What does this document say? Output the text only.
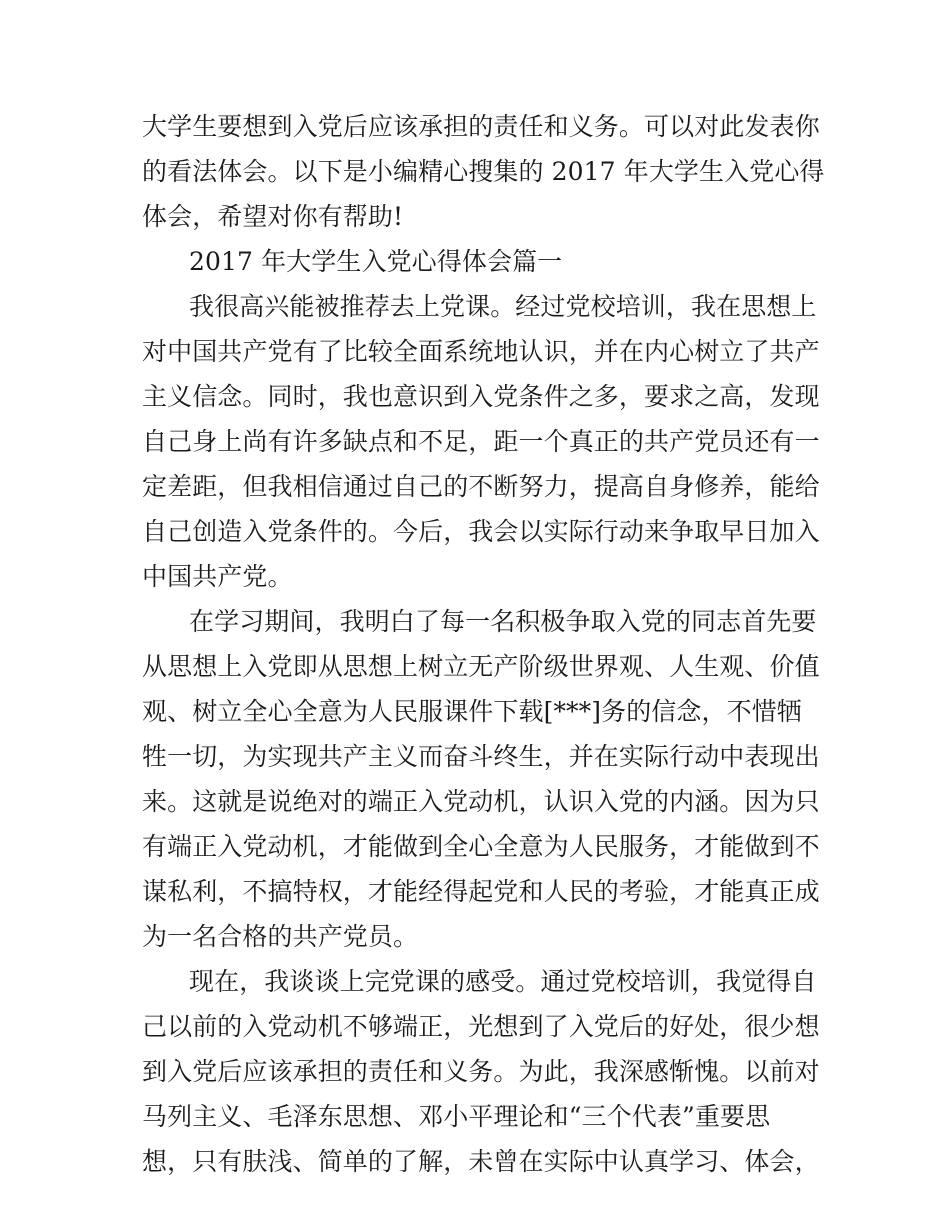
大学生要想到入党后应该承担的责任和义务。可以对此发表你
的看法体会。以下是小编精心搜集的 2017 年大学生入党心得
体会，希望对你有帮助!
2017 年大学生入党心得体会篇一
我很高兴能被推荐去上党课。经过党校培训，我在思想上
对中国共产党有了比较全面系统地认识，并在内心树立了共产
主义信念。同时，我也意识到入党条件之多，要求之高，发现
自己身上尚有许多缺点和不足，距一个真正的共产党员还有一
定差距，但我相信通过自己的不断努力，提高自身修养，能给
自己创造入党条件的。今后，我会以实际行动来争取早日加入
中国共产党。
在学习期间，我明白了每一名积极争取入党的同志首先要
从思想上入党即从思想上树立无产阶级世界观、人生观、价值
观、树立全心全意为人民服课件下载[***]务的信念，不惜牺
牲一切，为实现共产主义而奋斗终生，并在实际行动中表现出
来。这就是说绝对的端正入党动机，认识入党的内涵。因为只
有端正入党动机，才能做到全心全意为人民服务，才能做到不
谋私利，不搞特权，才能经得起党和人民的考验，才能真正成
为一名合格的共产党员。
现在，我谈谈上完党课的感受。通过党校培训，我觉得自
己以前的入党动机不够端正，光想到了入党后的好处，很少想
到入党后应该承担的责任和义务。为此，我深感惭愧。以前对
马列主义、毛泽东思想、邓小平理论和“三个代表”重要思
想，只有肤浅、简单的了解，未曾在实际中认真学习、体会，
